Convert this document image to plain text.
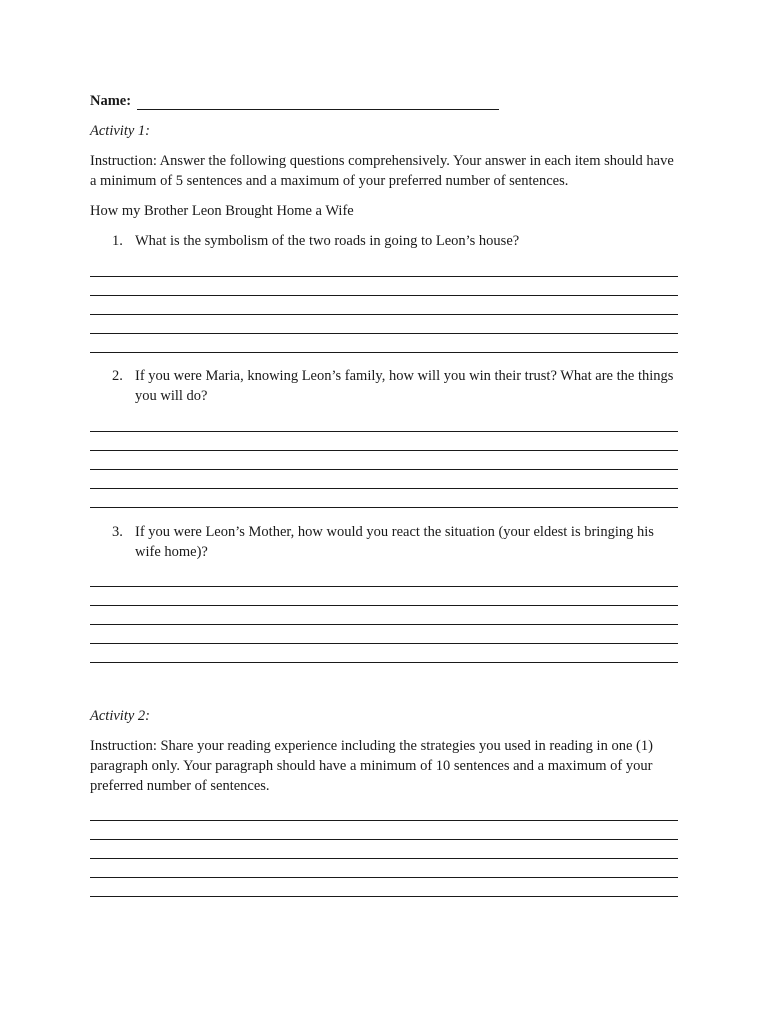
Name:

Activity 1:

Instruction: Answer the following questions comprehensively. Your answer in each item should have a minimum of 5 sentences and a maximum of your preferred number of sentences.

How my Brother Leon Brought Home a Wife

1. What is the symbolism of the two roads in going to Leon’s house?
2. If you were Maria, knowing Leon’s family, how will you win their trust? What are the things you will do?
3. If you were Leon’s Mother, how would you react the situation (your eldest is bringing his wife home)?

Activity 2:

Instruction: Share your reading experience including the strategies you used in reading in one (1) paragraph only. Your paragraph should have a minimum of 10 sentences and a maximum of your preferred number of sentences.
